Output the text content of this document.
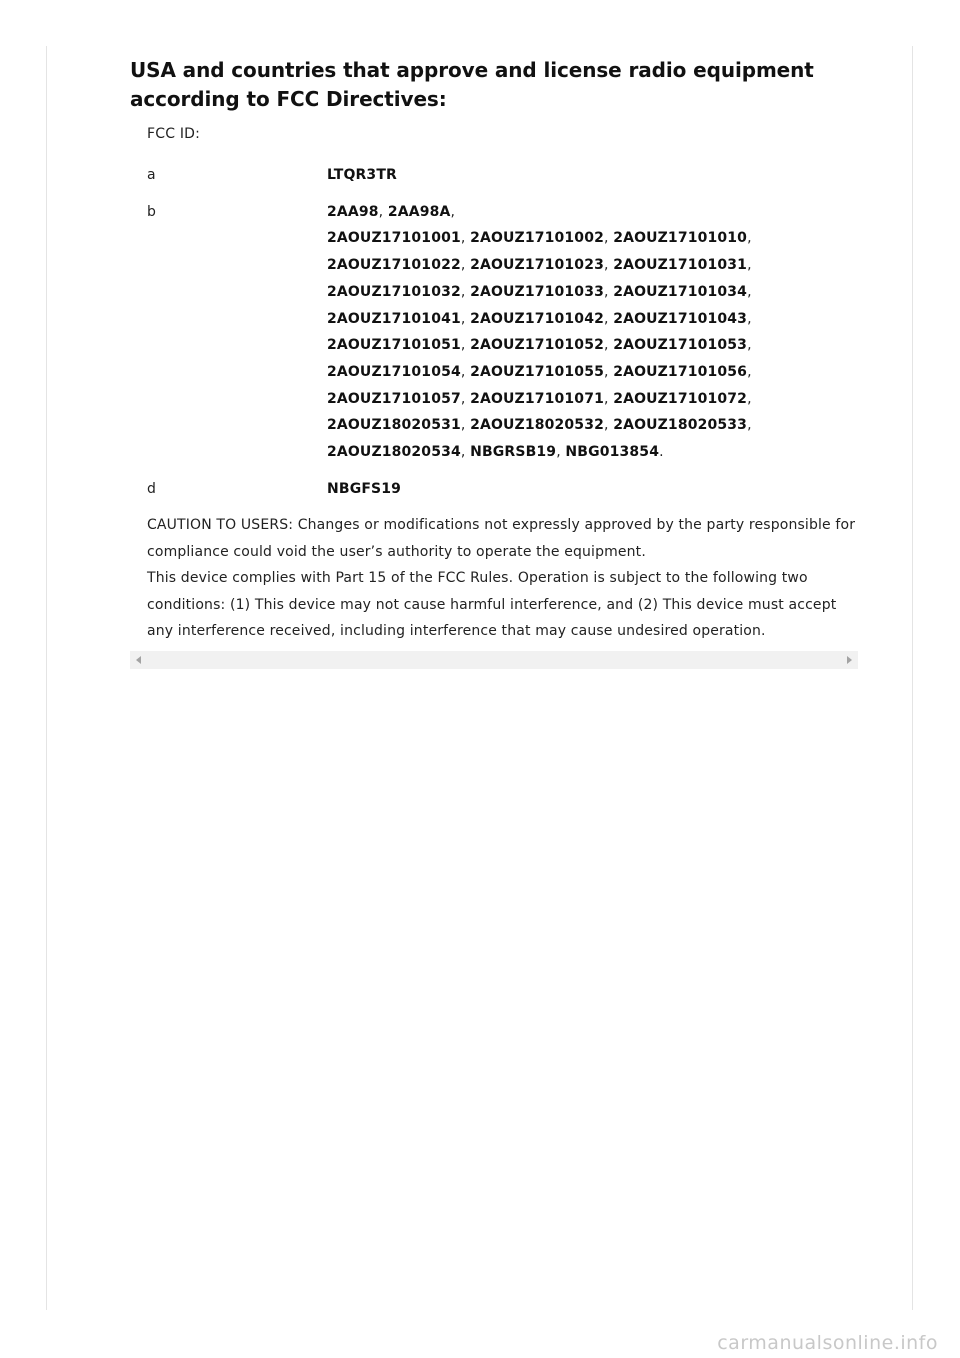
USA and countries that approve and license radio equipment according to FCC Directives:
FCC ID:
a	LTQR3TR
b	2AA98, 2AA98A,
2AOUZ17101001, 2AOUZ17101002, 2AOUZ17101010,
2AOUZ17101022, 2AOUZ17101023, 2AOUZ17101031,
2AOUZ17101032, 2AOUZ17101033, 2AOUZ17101034,
2AOUZ17101041, 2AOUZ17101042, 2AOUZ17101043,
2AOUZ17101051, 2AOUZ17101052, 2AOUZ17101053,
2AOUZ17101054, 2AOUZ17101055, 2AOUZ17101056,
2AOUZ17101057, 2AOUZ17101071, 2AOUZ17101072,
2AOUZ18020531, 2AOUZ18020532, 2AOUZ18020533,
2AOUZ18020534, NBGRSB19, NBG013854.
d	NBGFS19

CAUTION TO USERS: Changes or modifications not expressly approved by the party responsible for compliance could void the user’s authority to operate the equipment.

This device complies with Part 15 of the FCC Rules. Operation is subject to the following two conditions: (1) This device may not cause harmful interference, and (2) This device must accept any interference received, including interference that may cause undesired operation.

carmanualsonline.info
